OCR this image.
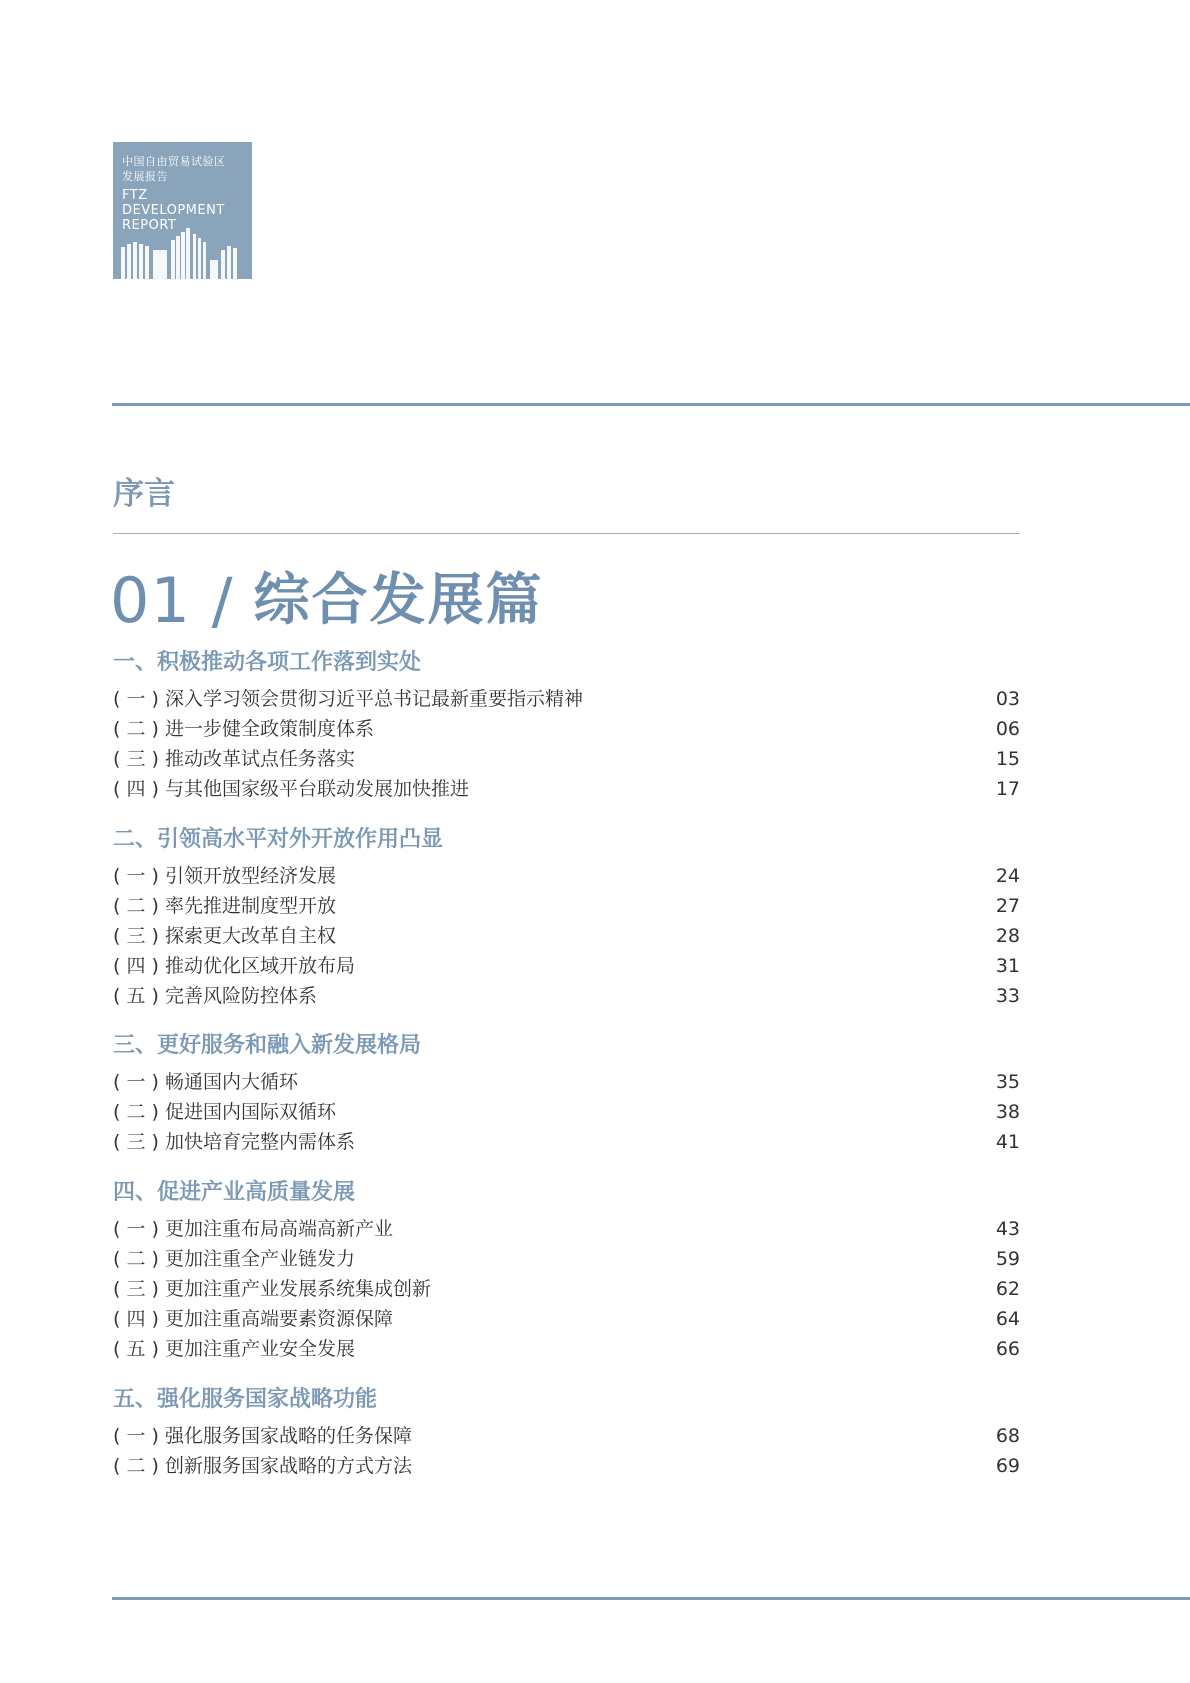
中国自由贸易试验区
发展报告
FTZ
DEVELOPMENT
REPORT
序言
01 / 综合发展篇
一、积极推动各项工作落到实处
( 一 ) 深入学习领会贯彻习近平总书记最新重要指示精神	03
( 二 ) 进一步健全政策制度体系	06
( 三 ) 推动改革试点任务落实	15
( 四 ) 与其他国家级平台联动发展加快推进	17
二、引领高水平对外开放作用凸显
( 一 ) 引领开放型经济发展	24
( 二 ) 率先推进制度型开放	27
( 三 ) 探索更大改革自主权	28
( 四 ) 推动优化区域开放布局	31
( 五 ) 完善风险防控体系	33
三、更好服务和融入新发展格局
( 一 ) 畅通国内大循环	35
( 二 ) 促进国内国际双循环	38
( 三 ) 加快培育完整内需体系	41
四、促进产业高质量发展
( 一 ) 更加注重布局高端高新产业	43
( 二 ) 更加注重全产业链发力	59
( 三 ) 更加注重产业发展系统集成创新	62
( 四 ) 更加注重高端要素资源保障	64
( 五 ) 更加注重产业安全发展	66
五、强化服务国家战略功能
( 一 ) 强化服务国家战略的任务保障	68
( 二 ) 创新服务国家战略的方式方法	69
